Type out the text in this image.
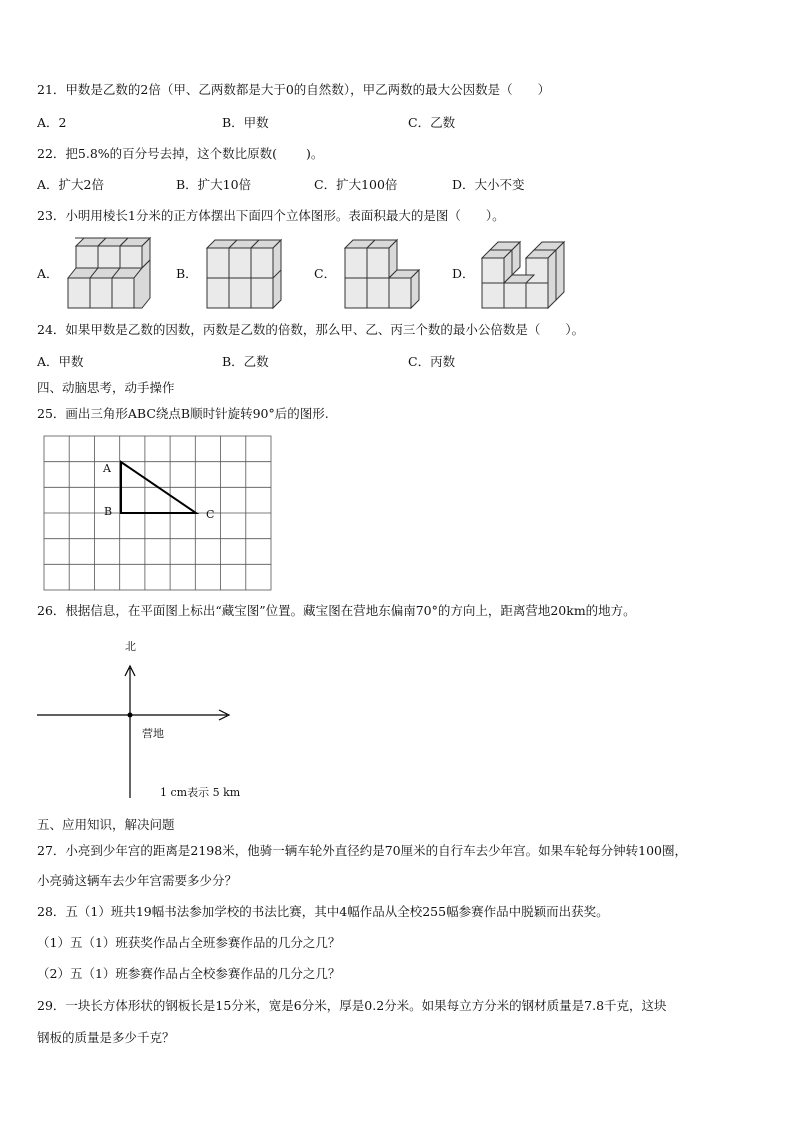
21．甲数是乙数的2倍（甲、乙两数都是大于0的自然数），甲乙两数的最大公因数是（　　）
A．2	B．甲数	C．乙数
22．把5.8%的百分号去掉，这个数比原数(　　 )。
A．扩大2倍	B．扩大10倍	C．扩大100倍	D．大小不变
23．小明用棱长1分米的正方体摆出下面四个立体图形。表面积最大的是图（　　）。
A．	B．	C．	D．
24．如果甲数是乙数的因数，丙数是乙数的倍数，那么甲、乙、丙三个数的最小公倍数是（　　）。
A．甲数	B．乙数	C．丙数
四、动脑思考，动手操作
25．画出三角形ABC绕点B顺时针旋转90°后的图形.
A
B	C
26．根据信息，在平面图上标出“藏宝图”位置。藏宝图在营地东偏南70°的方向上，距离营地20km的地方。
北
营地
1 cm表示 5 km
五、应用知识，解决问题
27．小亮到少年宫的距离是2198米，他骑一辆车轮外直径约是70厘米的自行车去少年宫。如果车轮每分钟转100圈，
小亮骑这辆车去少年宫需要多少分？
28．五（1）班共19幅书法参加学校的书法比赛，其中4幅作品从全校255幅参赛作品中脱颖而出获奖。
（1）五（1）班获奖作品占全班参赛作品的几分之几？
（2）五（1）班参赛作品占全校参赛作品的几分之几？
29．一块长方体形状的钢板长是15分米，宽是6分米，厚是0.2分米。如果每立方分米的钢材质量是7.8千克，这块
钢板的质量是多少千克？
